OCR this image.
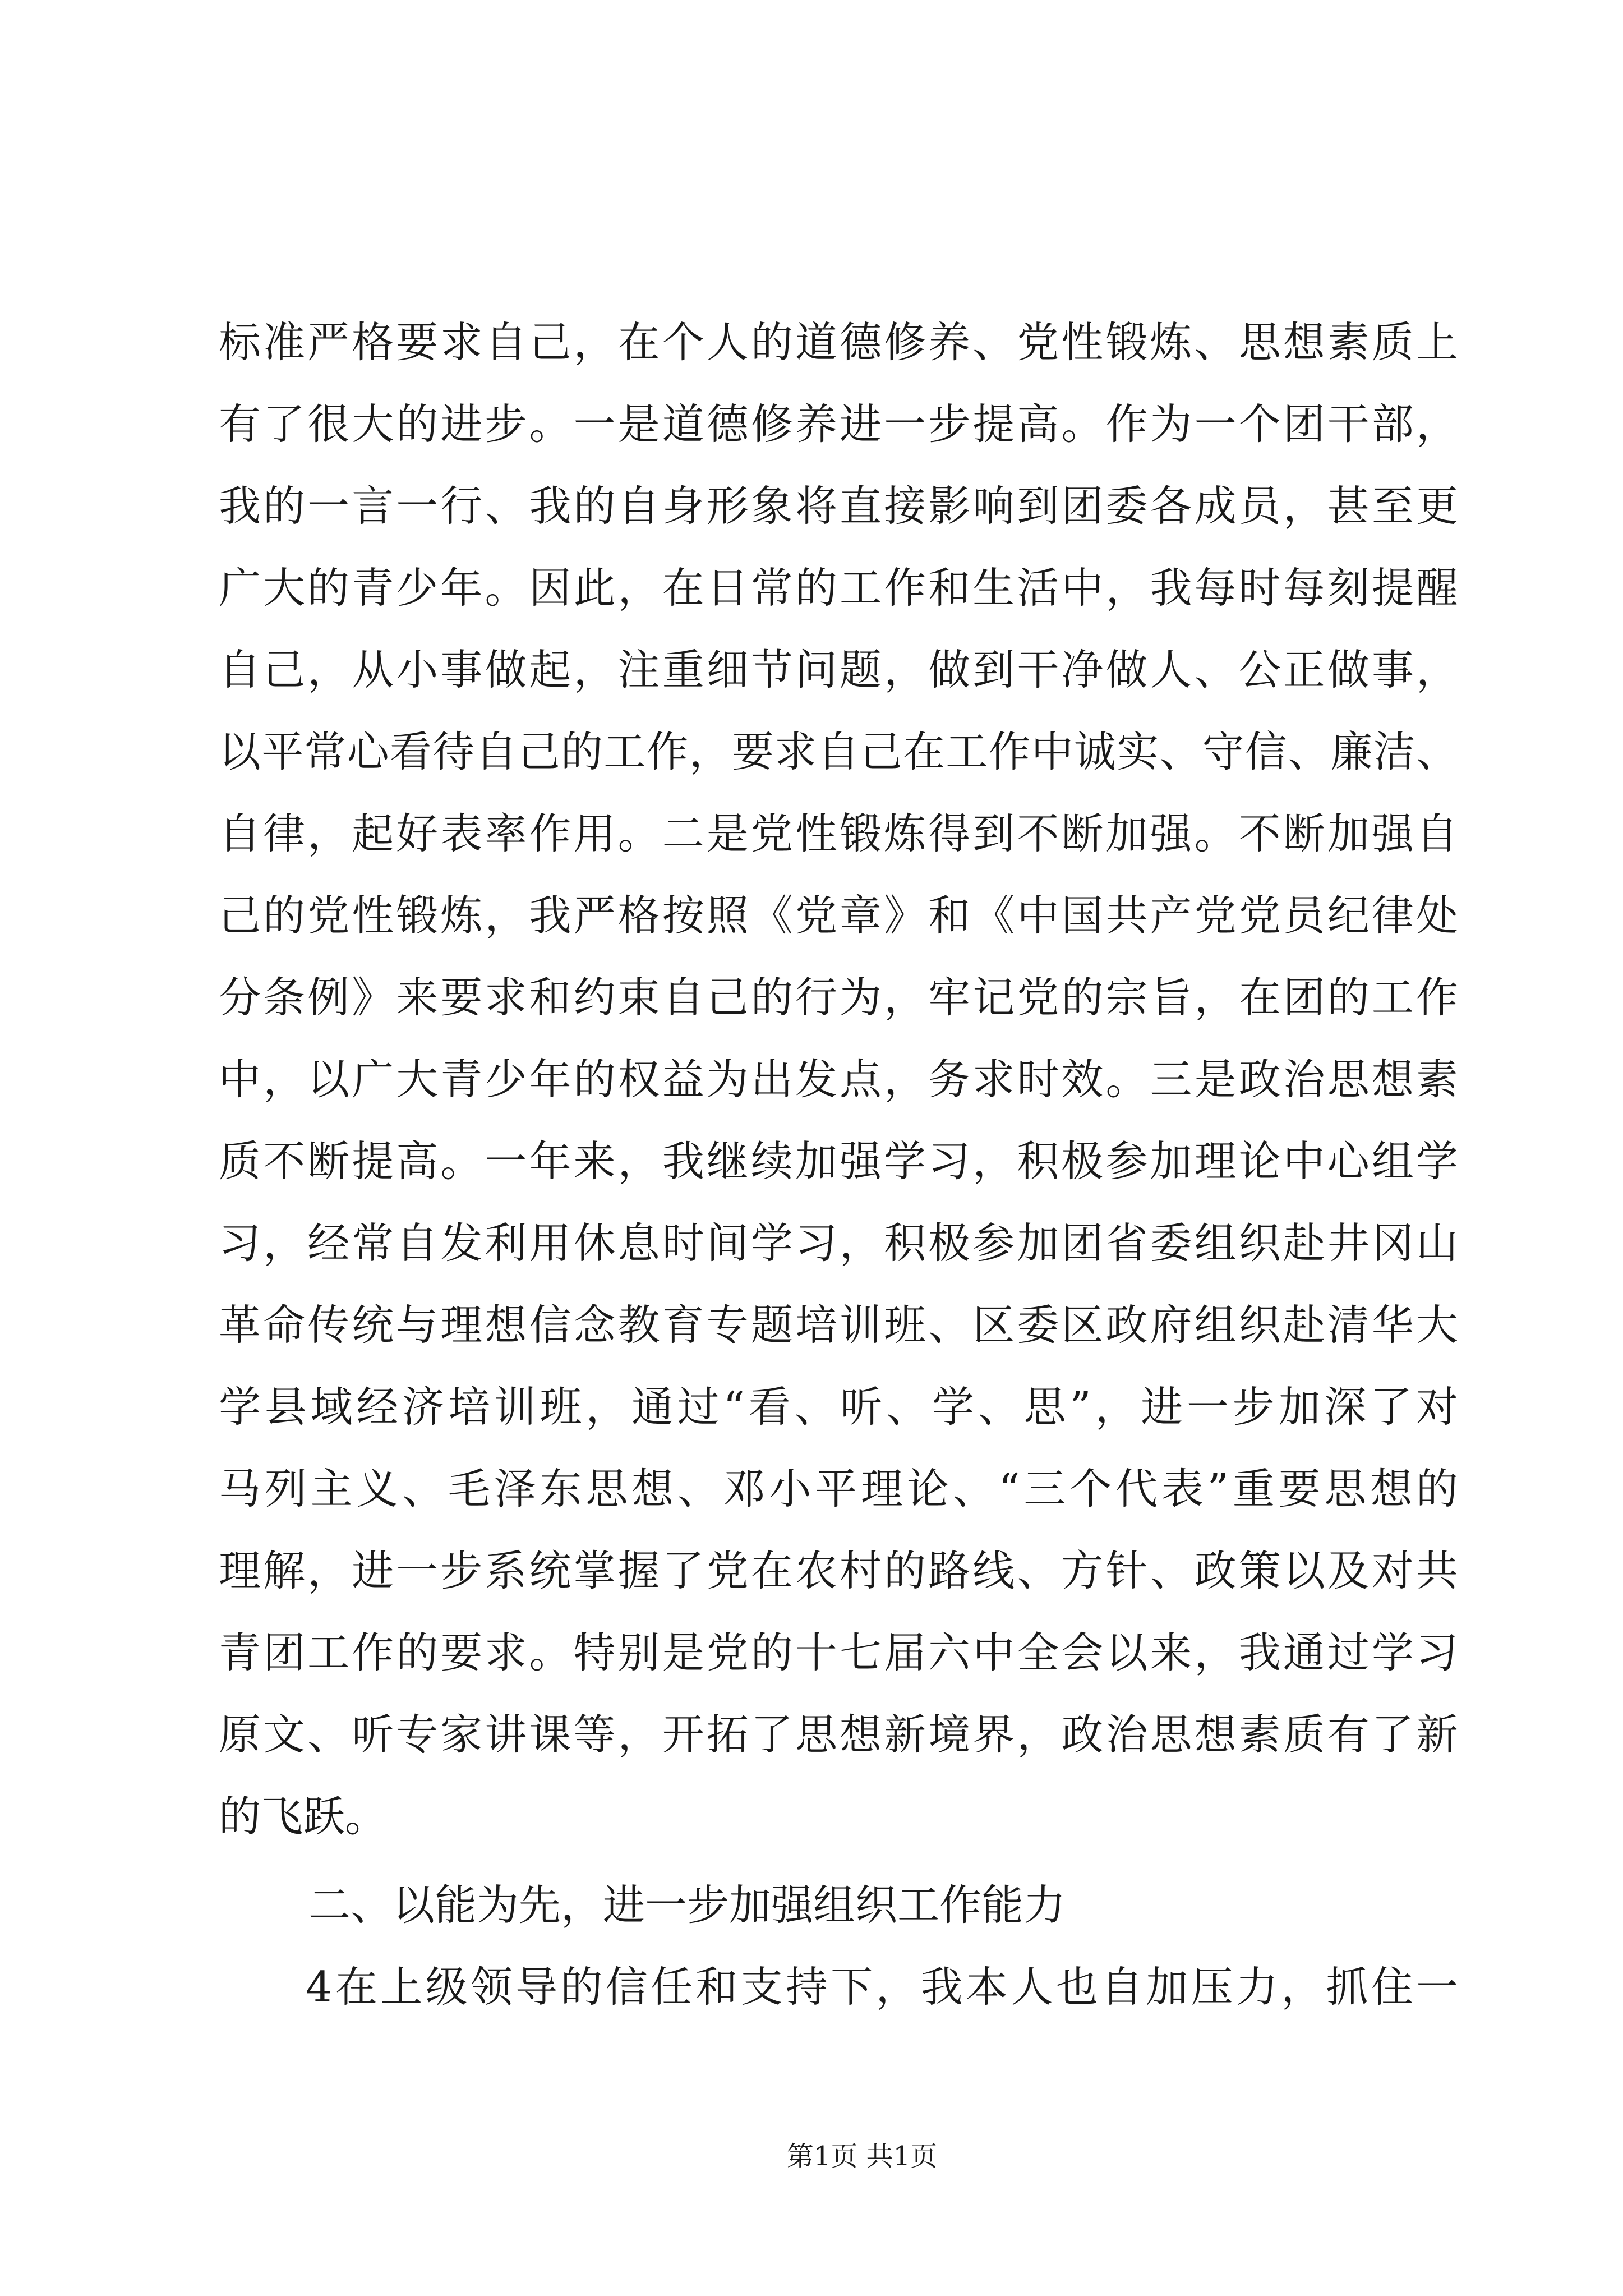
标准严格要求自己，在个人的道德修养、党性锻炼、思想素质上
有了很大的进步。一是道德修养进一步提高。作为一个团干部，
我的一言一行、我的自身形象将直接影响到团委各成员，甚至更
广大的青少年。因此，在日常的工作和生活中，我每时每刻提醒
自己，从小事做起，注重细节问题，做到干净做人、公正做事，
以平常心看待自己的工作，要求自己在工作中诚实、守信、廉洁、
自律，起好表率作用。二是党性锻炼得到不断加强。不断加强自
己的党性锻炼，我严格按照《党章》和《中国共产党党员纪律处
分条例》来要求和约束自己的行为，牢记党的宗旨，在团的工作
中，以广大青少年的权益为出发点，务求时效。三是政治思想素
质不断提高。一年来，我继续加强学习，积极参加理论中心组学
习，经常自发利用休息时间学习，积极参加团省委组织赴井冈山
革命传统与理想信念教育专题培训班、区委区政府组织赴清华大
学县域经济培训班，通过“看、听、学、思”，进一步加深了对
马列主义、毛泽东思想、邓小平理论、“三个代表”重要思想的
理解，进一步系统掌握了党在农村的路线、方针、政策以及对共
青团工作的要求。特别是党的十七届六中全会以来，我通过学习
原文、听专家讲课等，开拓了思想新境界，政治思想素质有了新
的飞跃。
二、以能为先，进一步加强组织工作能力
4在上级领导的信任和支持下，我本人也自加压力，抓住一
第1页 共1页
